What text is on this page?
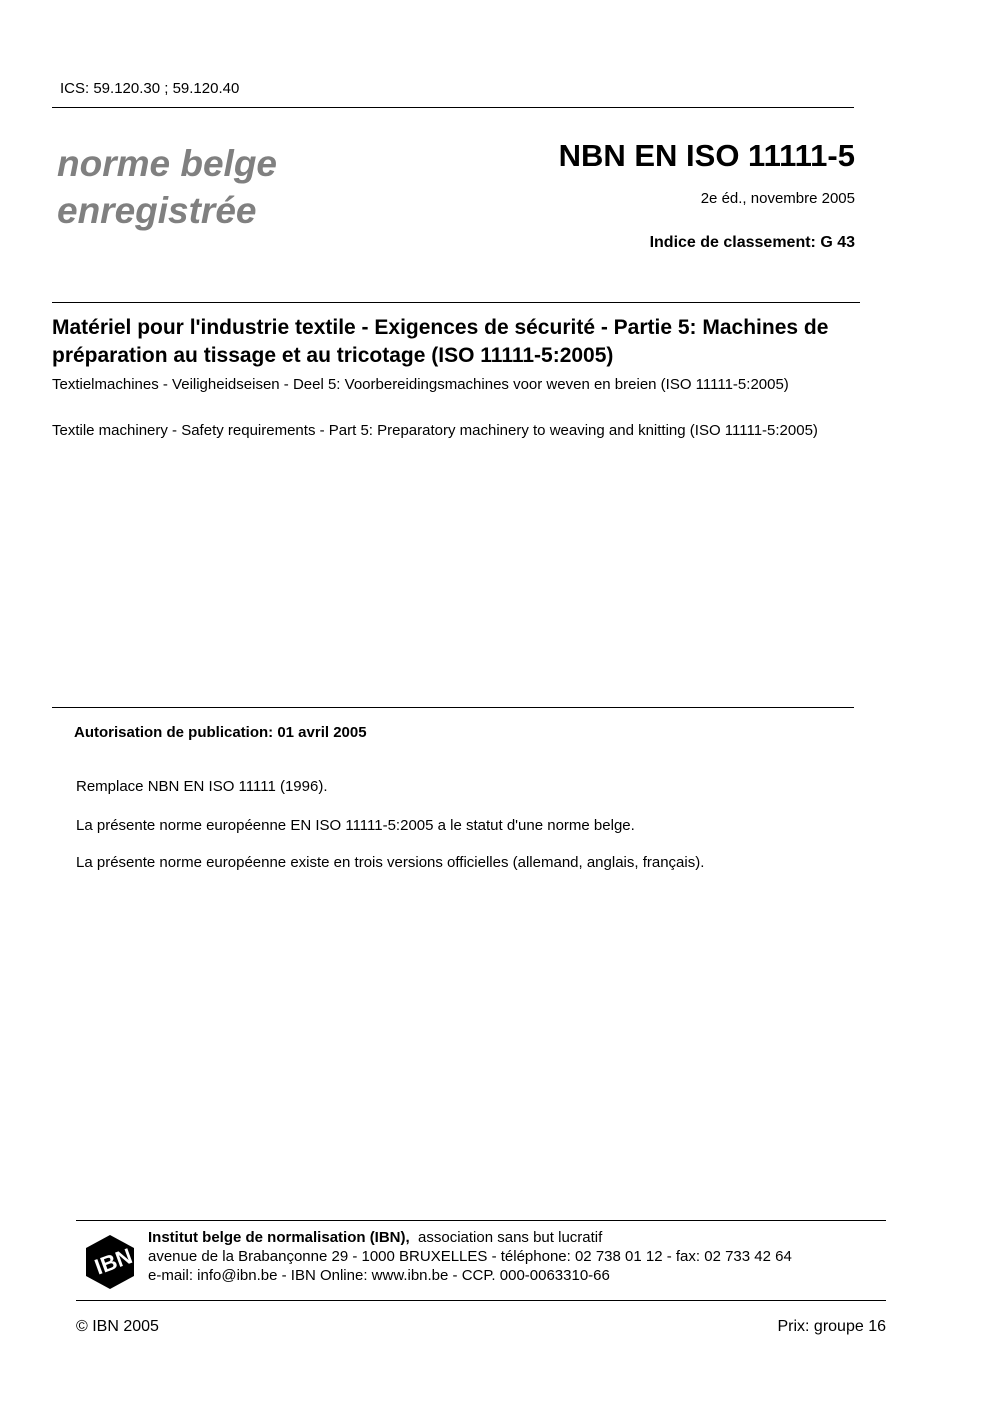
ICS: 59.120.30 ; 59.120.40
norme belge
enregistrée
NBN EN ISO 11111-5
2e éd., novembre 2005
Indice de classement: G 43
Matériel pour l'industrie textile - Exigences de sécurité - Partie 5: Machines de préparation au tissage et au tricotage (ISO 11111-5:2005)
Textielmachines - Veiligheidseisen - Deel 5: Voorbereidingsmachines voor weven en breien (ISO 11111-5:2005)
Textile machinery - Safety requirements - Part 5: Preparatory machinery to weaving and knitting (ISO 11111-5:2005)
Autorisation de publication: 01 avril 2005
Remplace NBN EN ISO 11111 (1996).
La présente norme européenne EN ISO 11111-5:2005 a le statut d'une norme belge.
La présente norme européenne existe en trois versions officielles (allemand, anglais, français).
IBN
Institut belge de normalisation (IBN), association sans but lucratif
avenue de la Brabançonne 29 - 1000 BRUXELLES - téléphone: 02 738 01 12 - fax: 02 733 42 64
e-mail: info@ibn.be - IBN Online: www.ibn.be - CCP. 000-0063310-66
© IBN 2005	Prix: groupe 16
